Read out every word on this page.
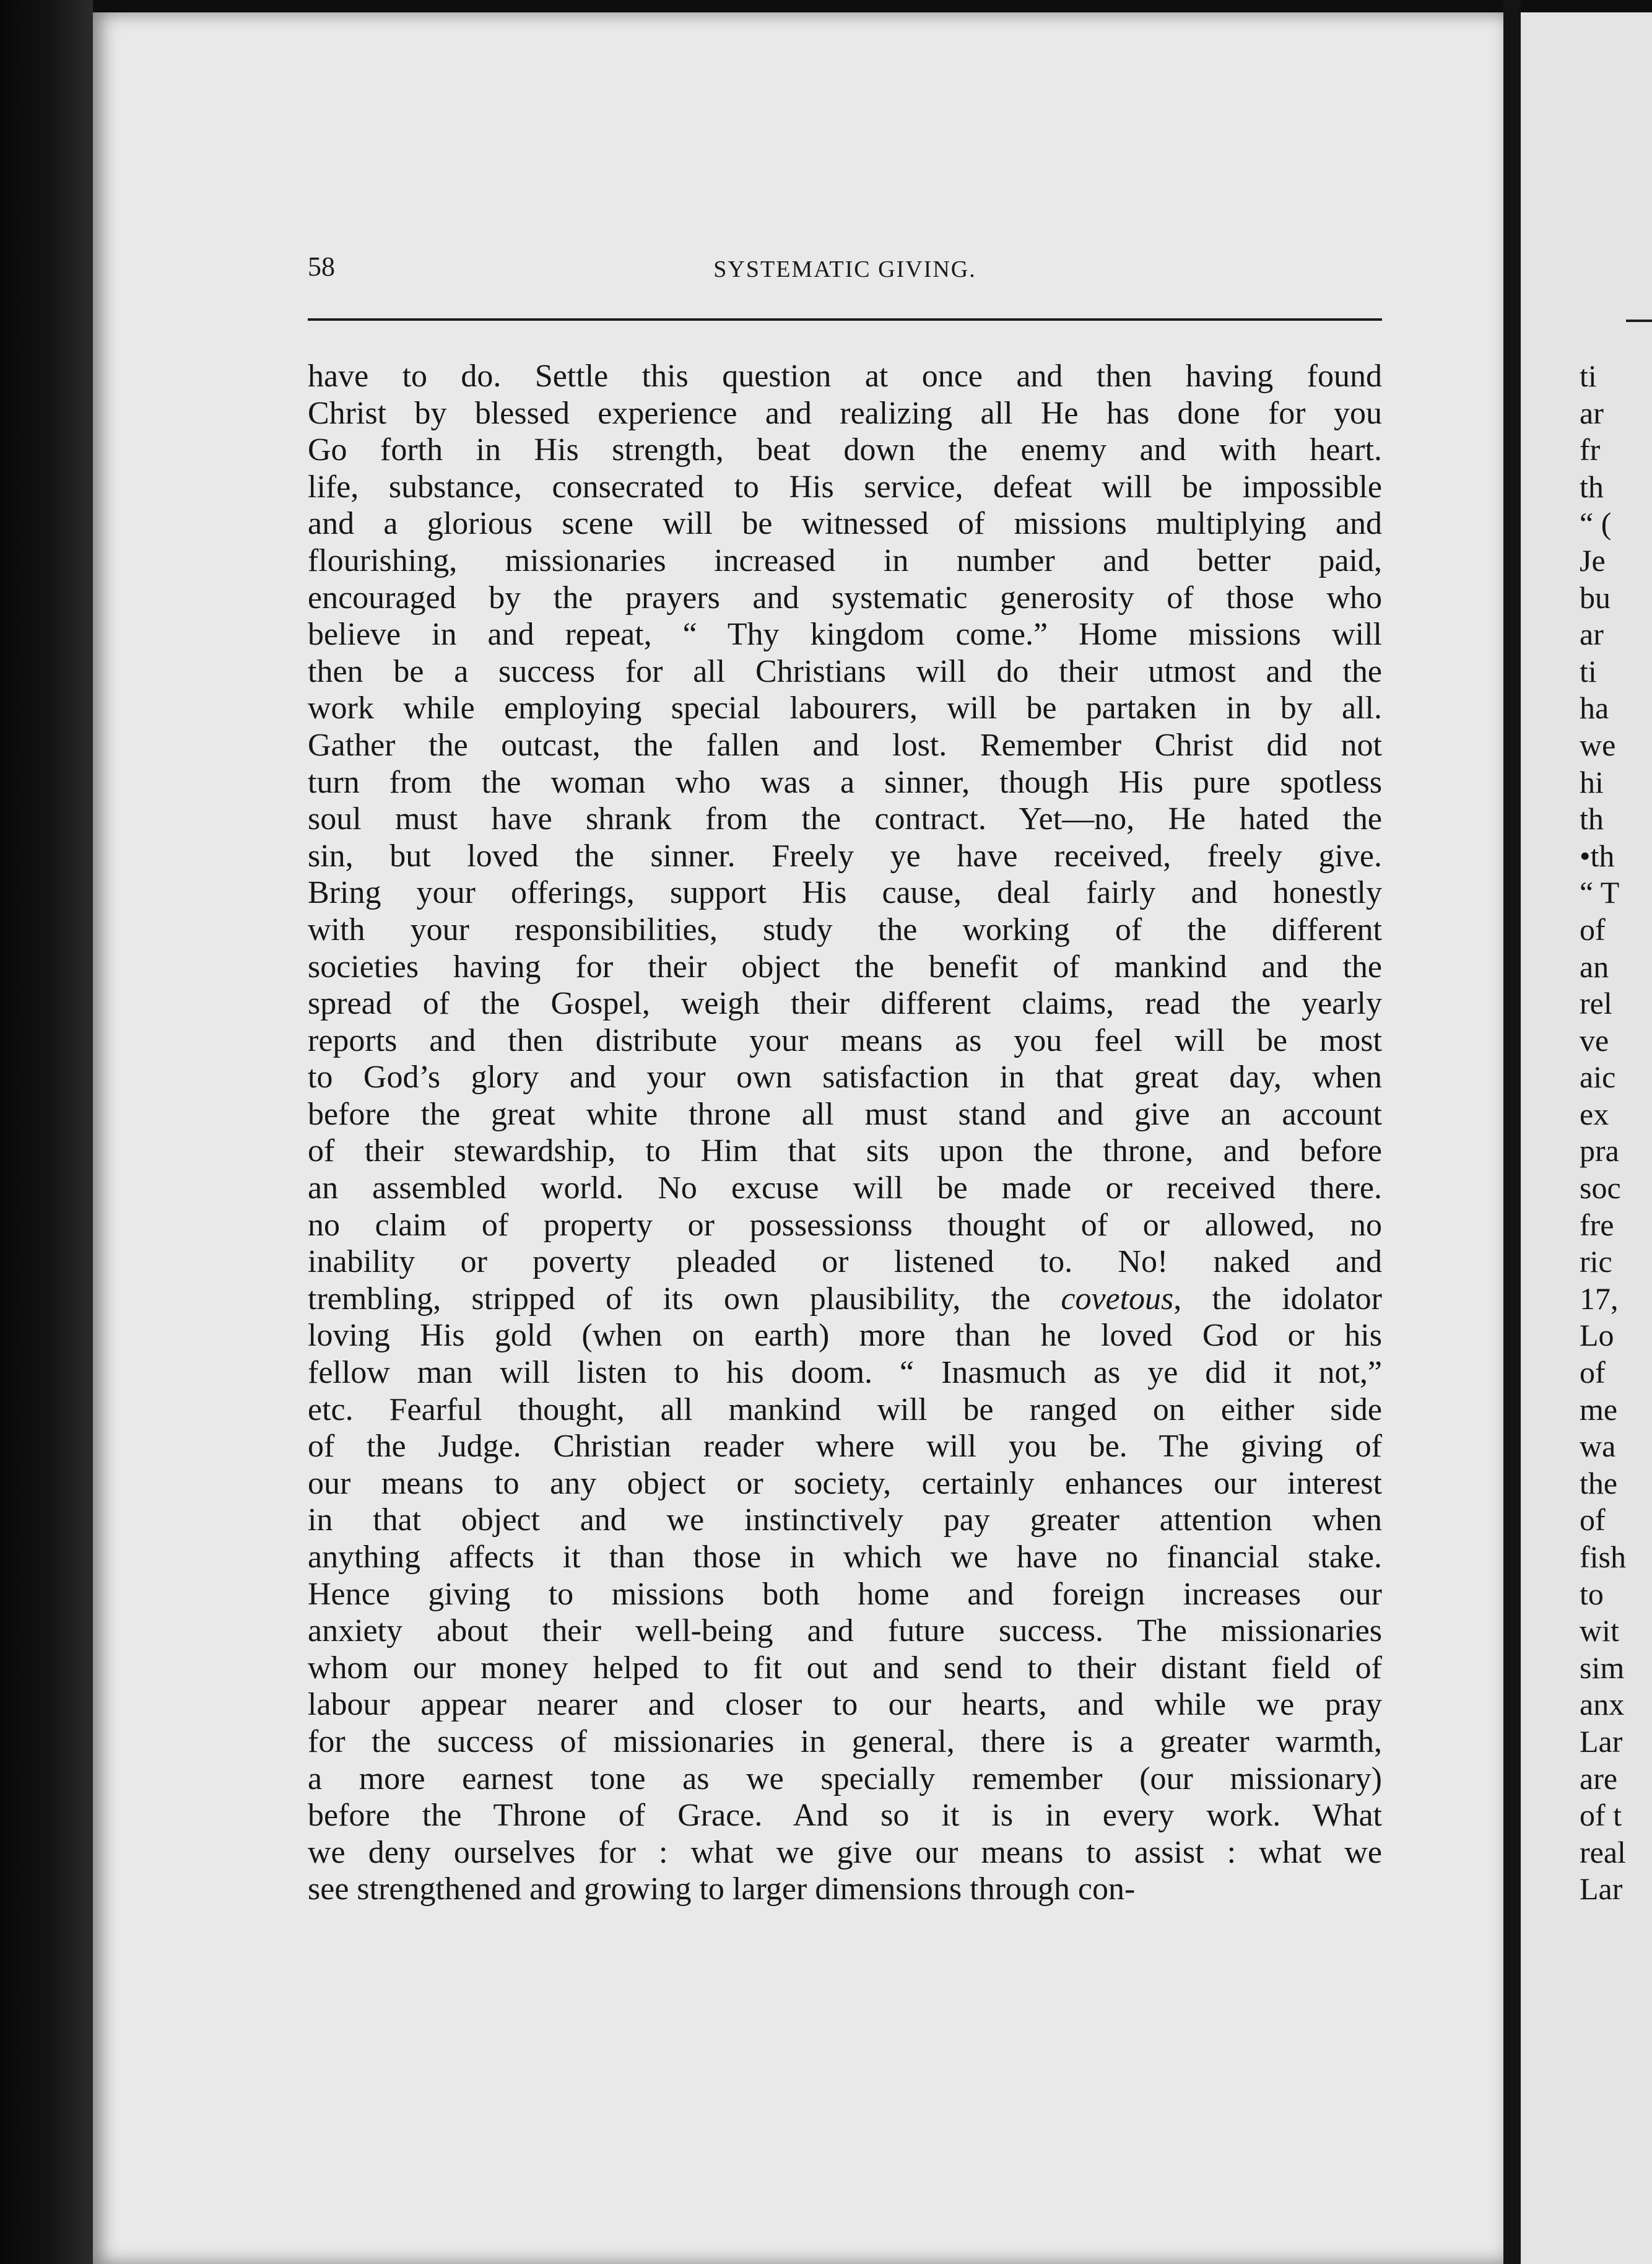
58	SYSTEMATIC GIVING.
have to do. Settle this question at once and then having found
Christ by blessed experience and realizing all He has done for you
Go forth in His strength, beat down the enemy and with heart.
life, substance, consecrated to His service, defeat will be impossible
and a glorious scene will be witnessed of missions multiplying and
flourishing, missionaries increased in number and better paid,
encouraged by the prayers and systematic generosity of those who
believe in and repeat, “ Thy kingdom come.” Home missions will
then be a success for all Christians will do their utmost and the
work while employing special labourers, will be partaken in by all.
Gather the outcast, the fallen and lost. Remember Christ did not
turn from the woman who was a sinner, though His pure spotless
soul must have shrank from the contract. Yet—no, He hated the
sin, but loved the sinner. Freely ye have received, freely give.
Bring your offerings, support His cause, deal fairly and honestly
with your responsibilities, study the working of the different
societies having for their object the benefit of mankind and the
spread of the Gospel, weigh their different claims, read the yearly
reports and then distribute your means as you feel will be most
to God’s glory and your own satisfaction in that great day, when
before the great white throne all must stand and give an account
of their stewardship, to Him that sits upon the throne, and before
an assembled world. No excuse will be made or received there.
no claim of property or possessionss thought of or allowed, no
inability or poverty pleaded or listened to. No! naked and
trembling, stripped of its own plausibility, the covetous, the idolator
loving His gold (when on earth) more than he loved God or his
fellow man will listen to his doom. “ Inasmuch as ye did it not,”
etc. Fearful thought, all mankind will be ranged on either side
of the Judge. Christian reader where will you be. The giving of
our means to any object or society, certainly enhances our interest
in that object and we instinctively pay greater attention when
anything affects it than those in which we have no financial stake.
Hence giving to missions both home and foreign increases our
anxiety about their well-being and future success. The missionaries
whom our money helped to fit out and send to their distant field of
labour appear nearer and closer to our hearts, and while we pray
for the success of missionaries in general, there is a greater warmth,
a more earnest tone as we specially remember (our missionary)
before the Throne of Grace. And so it is in every work. What
we deny ourselves for : what we give our means to assist : what we
see strengthened and growing to larger dimensions through con-
ti
ar
fr
th
“ (
Je
bu
ar
ti
ha
we
hi
th
•th
“ T
of
an
rel
ve
aic
ex
pra
soc
fre
ric
17,
Lo
of
me
wa
the
of
fish
to
wit
sim
anx
Lar
are
of t
real
Lar
